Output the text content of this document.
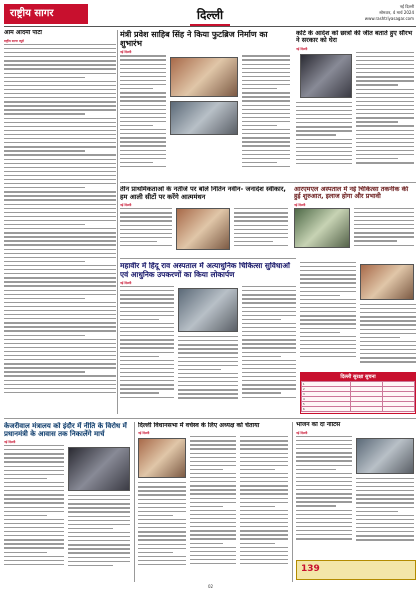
राष्ट्रीय सागर	दिल्ली
नई दिल्ली
सोमवार, 4 मार्च 2024
www.rashtriyasagar.com
आम आदमी पार्टी
राष्ट्रीय सागर ब्यूरो
मंत्री प्रवेश साहिब सिंह ने किया फुटब्रिज निर्माण का शुभारंभ
नई दिल्ली
कोर्ट के आदेश को छात्रों की जीत बताते हुए सौरभ ने सरकार को घेरा
नई दिल्ली
तीन प्राथमिकताओं के नतीजे पर बोले नितिन नवीन- जनादेश स्वीकार, हम आली सीटों पर करेंगे आत्ममंथन
नई दिल्ली
आरएमएल अस्पताल में नई चिकित्सा तकनीक की हुई शुरुआत, इलाज होगा और प्रभावी
नई दिल्ली
महावीर में हिंदू राव अस्पताल में अत्याधुनिक चिकित्सा सुविधाओं एवं आधुनिक उपकरणों का किया लोकार्पण
नई दिल्ली
दिल्ली सुरक्षा सुचना
1		
2		
3		
4		
5		
6		
केजरीवाल मंत्रालय को इंदौर में नीति के विरोध में प्रधानमंत्री के आवास तक निकालेंगे मार्च
नई दिल्ली
दिल्ली विधानसभा में वर्चस्व के लिए अध्यक्ष को चेताया
नई दिल्ली
भोजन को दो नोटिस
नई दिल्ली
139
02
